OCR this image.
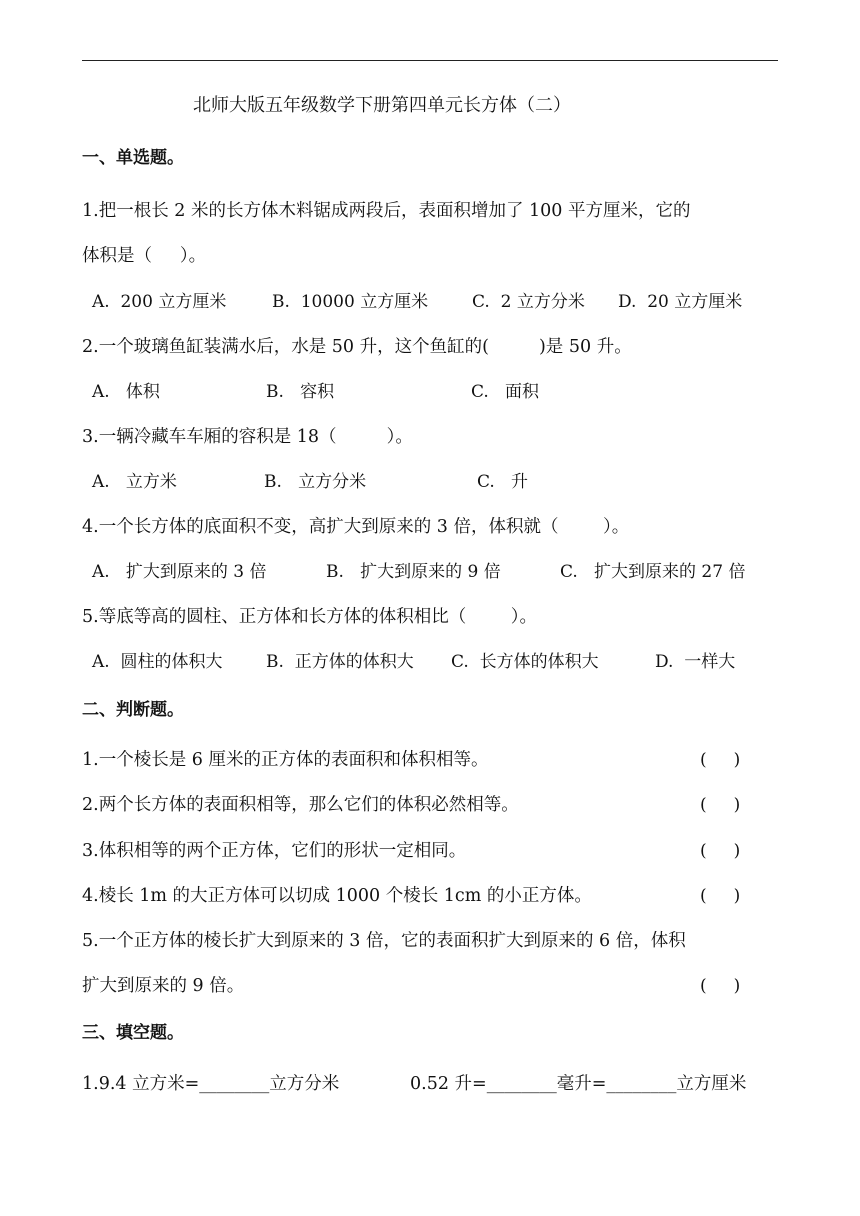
北师大版五年级数学下册第四单元长方体（二）
一、单选题。
1.把一根长 2 米的长方体木料锯成两段后，表面积增加了 100 平方厘米，它的
体积是（     ）。
A.  200 立方厘米	B.  10000 立方厘米	C.  2 立方分米 D.  20 立方厘米
2.一个玻璃鱼缸装满水后，水是 50 升，这个鱼缸的(         )是 50 升。
A.   体积	B.   容积	C.   面积
3.一辆冷藏车车厢的容积是 18（         ）。
A.   立方米	B.   立方分米	C.   升
4.一个长方体的底面积不变，高扩大到原来的 3 倍，体积就（        ）。
A.   扩大到原来的 3 倍	B.   扩大到原来的 9 倍	C.   扩大到原来的 27 倍
5.等底等高的圆柱、正方体和长方体的体积相比（        ）。
A.  圆柱的体积大	B.  正方体的体积大 C.  长方体的体积大	D.  一样大
二、判断题。
1.一个棱长是 6 厘米的正方体的表面积和体积相等。	(     )
2.两个长方体的表面积相等，那么它们的体积必然相等。	(     )
3.体积相等的两个正方体，它们的形状一定相同。	(     )
4.棱长 1m 的大正方体可以切成 1000 个棱长 1cm 的小正方体。	(     )
5.一个正方体的棱长扩大到原来的 3 倍，它的表面积扩大到原来的 6 倍，体积
扩大到原来的 9 倍。	(     )
三、填空题。
1.9.4 立方米=________立方分米	0.52 升=________毫升=________立方厘米
